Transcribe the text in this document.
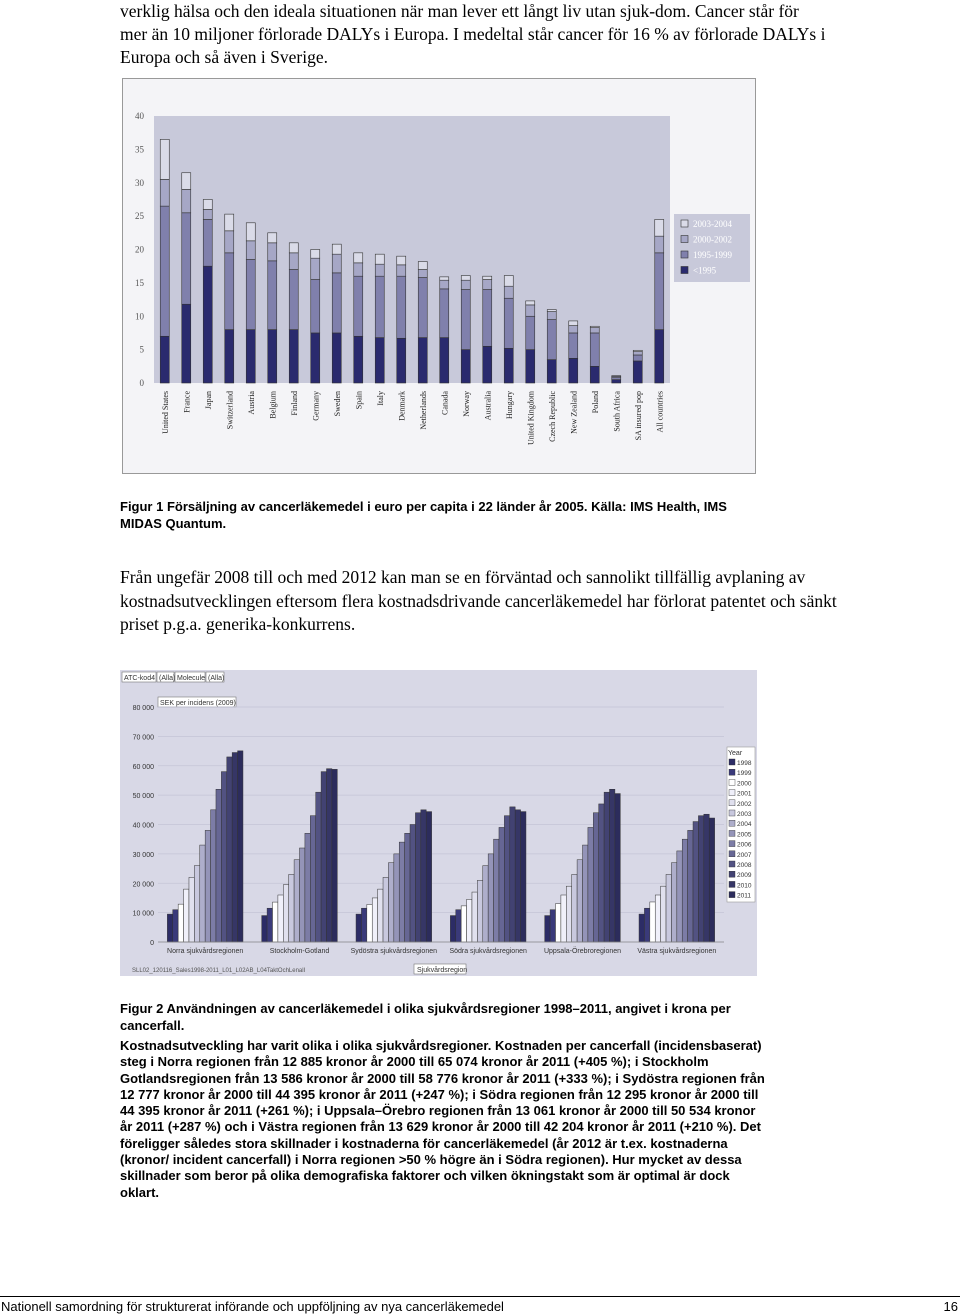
verklig hälsa och den ideala situationen när man lever ett långt liv utan sjuk-dom. Cancer står för mer än 10 miljoner förlorade DALYs i Europa. I medeltal står cancer för 16 % av förlorade DALYs i Europa och så även i Sverige.

0
5
10
15
20
25
30
35
40
United States France Japan Switzerland Austria Belgium Finland Germany Sweden Spain Italy Denmark Netherlands Canada Norway Australia Hungary United Kingdom Czech Republic New Zealand Poland South Africa SA insured pop All countries
2003-2004
2000-2002
1995-1999
<1995

Figur 1 Försäljning av cancerläkemedel i euro per capita i 22 länder år 2005. Källa: IMS Health, IMS MIDAS Quantum.

Från ungefär 2008 till och med 2012 kan man se en förväntad och sannolikt tillfällig avplaning av kostnadsutvecklingen eftersom flera kostnadsdrivande cancerläkemedel har förlorat patentet och sänkt priset p.g.a. generika-konkurrens.

ATC-kod4 (Alla) Molecule (Alla)
SEK per incidens (2009)
0
10 000
20 000
30 000
40 000
50 000
60 000
70 000
80 000
Norra sjukvårdsregionen	Stockholm-Gotland	Sydöstra sjukvårdsregionen Södra sjukvårdsregionen Uppsala-Örebroregionen Västra sjukvårdsregionen
SLL02_120116_Sales1998-2011_L01_L02AB_L04TaktOchLenalI	Sjukvårdsregion
Year
1998
1999
2000
2001
2002
2003
2004
2005
2006
2007
2008
2009
2010
2011

Figur 2 Användningen av cancerläkemedel i olika sjukvårdsregioner 1998–2011, angivet i krona per cancerfall.

Kostnadsutveckling har varit olika i olika sjukvårdsregioner. Kostnaden per cancerfall (incidensbaserat) steg i Norra regionen från 12 885 kronor år 2000 till 65 074 kronor år 2011 (+405 %); i Stockholm Gotlandsregionen från 13 586 kronor år 2000 till 58 776 kronor år 2011 (+333 %); i Sydöstra regionen från 12 777 kronor år 2000 till 44 395 kronor år 2011 (+247 %); i Södra regionen från 12 295 kronor år 2000 till 44 395 kronor år 2011 (+261 %); i Uppsala–Örebro regionen från 13 061 kronor år 2000 till 50 534 kronor år 2011 (+287 %) och i Västra regionen från 13 629 kronor år 2000 till 42 204 kronor år 2011 (+210 %). Det föreligger således stora skillnader i kostnaderna för cancerläkemedel (år 2012 är t.ex. kostnaderna (kronor/ incident cancerfall) i Norra regionen >50 % högre än i Södra regionen). Hur mycket av dessa skillnader som beror på olika demografiska faktorer och vilken ökningstakt som är optimal är dock oklart.

Nationell samordning för strukturerat införande och uppföljning av nya cancerläkemedel	16
